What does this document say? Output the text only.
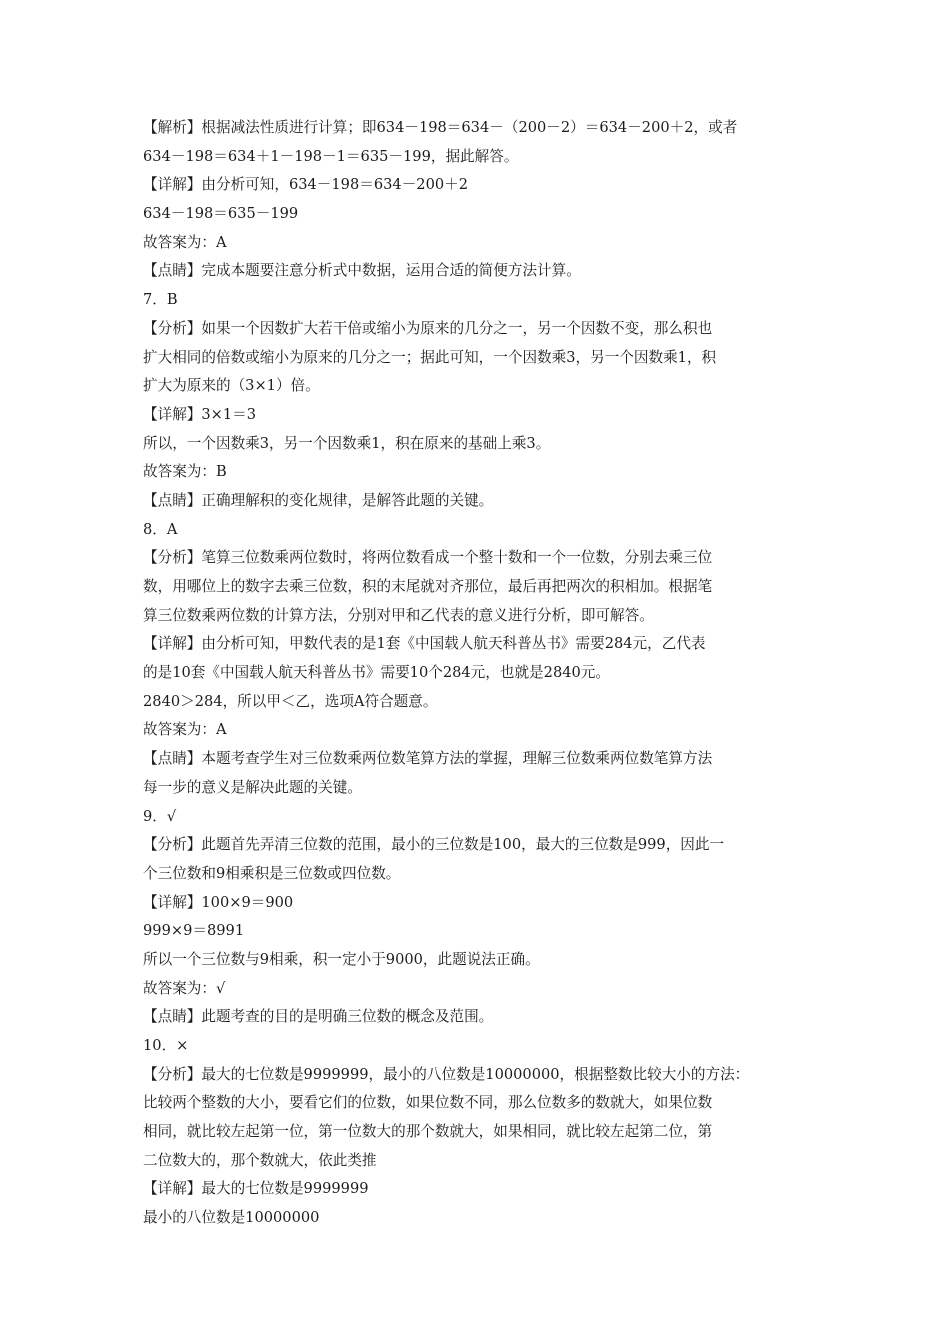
【解析】根据减法性质进行计算；即634－198＝634－（200－2）＝634－200＋2，或者
634－198＝634＋1－198－1＝635－199，据此解答。
【详解】由分析可知，634－198＝634－200＋2
634－198＝635－199
故答案为：A
【点睛】完成本题要注意分析式中数据，运用合适的简便方法计算。
7．B
【分析】如果一个因数扩大若干倍或缩小为原来的几分之一，另一个因数不变，那么积也
扩大相同的倍数或缩小为原来的几分之一；据此可知，一个因数乘3，另一个因数乘1，积
扩大为原来的（3×1）倍。
【详解】3×1＝3
所以，一个因数乘3，另一个因数乘1，积在原来的基础上乘3。
故答案为：B
【点睛】正确理解积的变化规律，是解答此题的关键。
8．A
【分析】笔算三位数乘两位数时，将两位数看成一个整十数和一个一位数，分别去乘三位
数，用哪位上的数字去乘三位数，积的末尾就对齐那位，最后再把两次的积相加。根据笔
算三位数乘两位数的计算方法，分别对甲和乙代表的意义进行分析，即可解答。
【详解】由分析可知，甲数代表的是1套《中国载人航天科普丛书》需要284元，乙代表
的是10套《中国载人航天科普丛书》需要10个284元，也就是2840元。
2840＞284，所以甲＜乙，选项A符合题意。
故答案为：A
【点睛】本题考查学生对三位数乘两位数笔算方法的掌握，理解三位数乘两位数笔算方法
每一步的意义是解决此题的关键。
9．√
【分析】此题首先弄清三位数的范围，最小的三位数是100，最大的三位数是999，因此一
个三位数和9相乘积是三位数或四位数。
【详解】100×9＝900
999×9＝8991
所以一个三位数与9相乘，积一定小于9000，此题说法正确。
故答案为：√
【点睛】此题考查的目的是明确三位数的概念及范围。
10．×
【分析】最大的七位数是9999999，最小的八位数是10000000，根据整数比较大小的方法：
比较两个整数的大小，要看它们的位数，如果位数不同，那么位数多的数就大，如果位数
相同，就比较左起第一位，第一位数大的那个数就大，如果相同，就比较左起第二位，第
二位数大的，那个数就大，依此类推
【详解】最大的七位数是9999999
最小的八位数是10000000
